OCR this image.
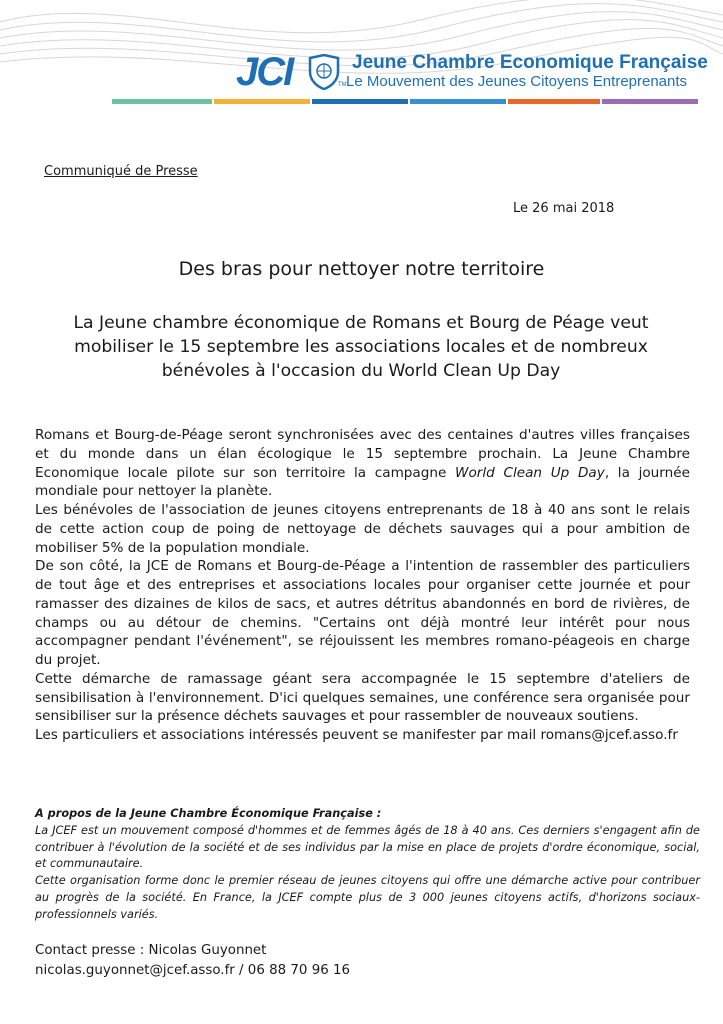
JCI	TM
Jeune Chambre Economique Française
Le Mouvement des Jeunes Citoyens Entreprenants
Communiqué de Presse
Le 26 mai 2018
Des bras pour nettoyer notre territoire
La Jeune chambre économique de Romans et Bourg de Péage veut mobiliser le 15 septembre les associations locales et de nombreux bénévoles à l'occasion du World Clean Up Day

Romans et Bourg-de-Péage seront synchronisées avec des centaines d'autres villes françaises et du monde dans un élan écologique le 15 septembre prochain. La Jeune Chambre Economique locale pilote sur son territoire la campagne World Clean Up Day, la journée mondiale pour nettoyer la planète.

Les bénévoles de l'association de jeunes citoyens entreprenants de 18 à 40 ans sont le relais de cette action coup de poing de nettoyage de déchets sauvages qui a pour ambition de mobiliser 5% de la population mondiale.

De son côté, la JCE de Romans et Bourg-de-Péage a l'intention de rassembler des particuliers de tout âge et des entreprises et associations locales pour organiser cette journée et pour ramasser des dizaines de kilos de sacs, et autres détritus abandonnés en bord de rivières, de champs ou au détour de chemins. "Certains ont déjà montré leur intérêt pour nous accompagner pendant l'événement", se réjouissent les membres romano-péageois en charge du projet.

Cette démarche de ramassage géant sera accompagnée le 15 septembre d'ateliers de sensibilisation à l'environnement. D'ici quelques semaines, une conférence sera organisée pour sensibiliser sur la présence déchets sauvages et pour rassembler de nouveaux soutiens.

Les particuliers et associations intéressés peuvent se manifester par mail romans@jcef.asso.fr

A propos de la Jeune Chambre Économique Française :

La JCEF est un mouvement composé d'hommes et de femmes âgés de 18 à 40 ans. Ces derniers s'engagent afin de contribuer à l'évolution de la société et de ses individus par la mise en place de projets d'ordre économique, social, et communautaire.

Cette organisation forme donc le premier réseau de jeunes citoyens qui offre une démarche active pour contribuer au progrès de la société. En France, la JCEF compte plus de 3 000 jeunes citoyens actifs, d'horizons sociaux-professionnels variés.

Contact presse : Nicolas Guyonnet

nicolas.guyonnet@jcef.asso.fr / 06 88 70 96 16
